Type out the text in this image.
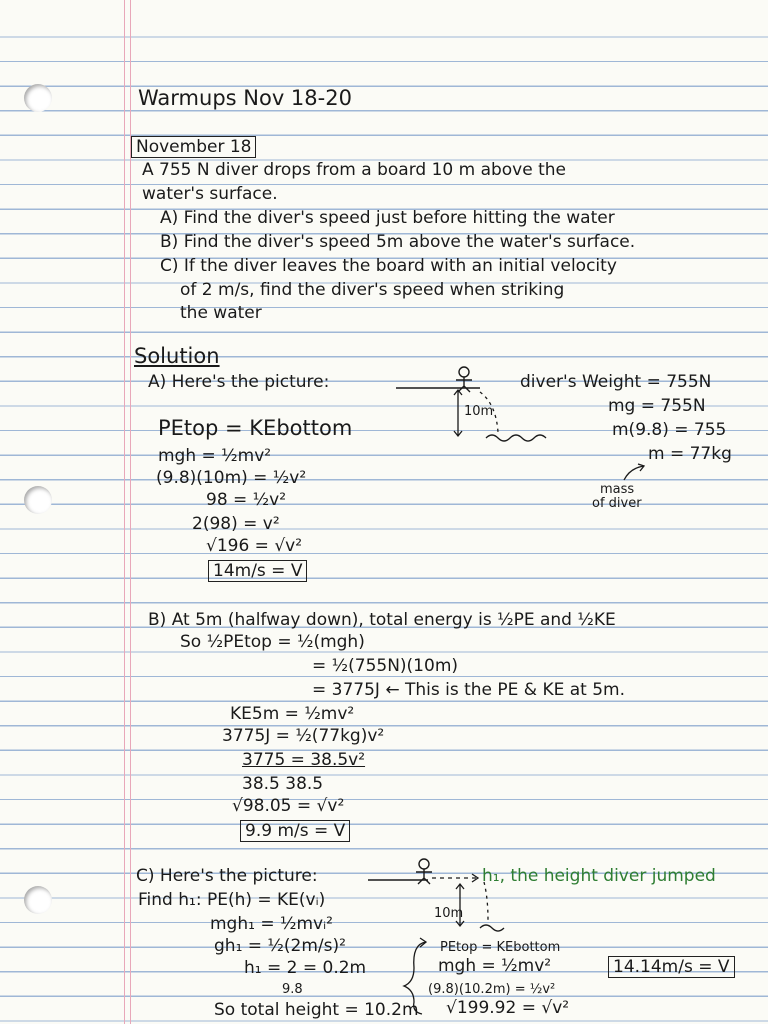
Warmups Nov 18-20
November 18
A 755 N diver drops from a board 10 m above the
water's surface.
A) Find the diver's speed just before hitting the water
B) Find the diver's speed 5m above the water's surface.
C) If the diver leaves the board with an initial velocity
of 2 m/s, find the diver's speed when striking
the water
Solution
A) Here's the picture:
10m
diver's Weight = 755N
mg = 755N
m(9.8) = 755
m = 77kg
mass
of diver
PEtop = KEbottom
mgh = ½mv²
(9.8)(10m) = ½v²
98 = ½v²
2(98) = v²
√196 = √v²
14m/s = V
B) At 5m (halfway down), total energy is ½PE and ½KE
So ½PEtop = ½(mgh)
= ½(755N)(10m)
= 3775J ← This is the PE & KE at 5m.
KE5m = ½mv²
3775J = ½(77kg)v²
3775 = 38.5v²
38.5 38.5
√98.05 = √v²
9.9 m/s = V
C) Here's the picture:	h₁, the height diver jumped
10m
Find h₁: PE(h) = KE(vᵢ)
mgh₁ = ½mvᵢ²
gh₁ = ½(2m/s)²
h₁ = 2 = 0.2m
9.8
So total height = 10.2m
PEtop = KEbottom
mgh = ½mv²
(9.8)(10.2m) = ½v²
√199.92 = √v²
14.14m/s = V
